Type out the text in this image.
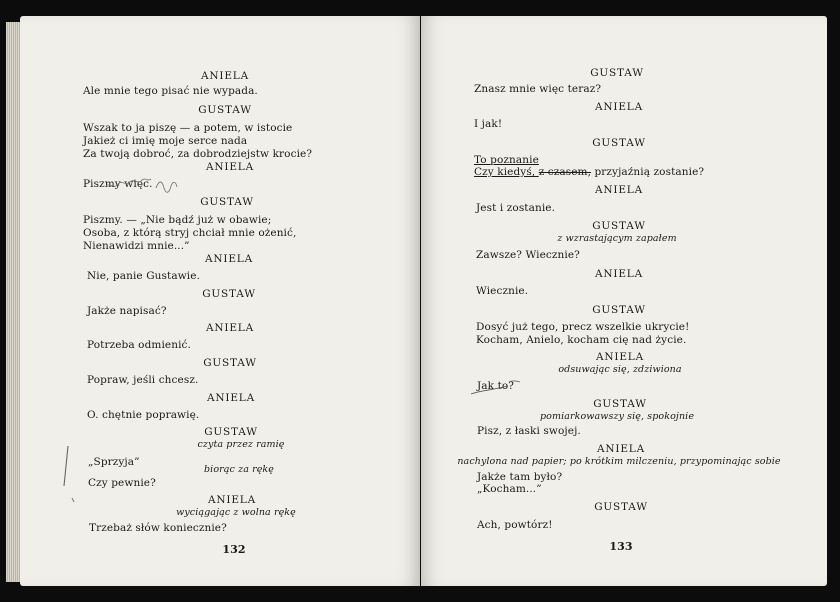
ANIELA
Ale mnie tego pisać nie wypada.
GUSTAW
Wszak to ja piszę — a potem, w istocie
Jakież ci imię moje serce nada
Za twoją dobroć, za dobrodziejstw krocie?
ANIELA
Piszmy więc.
GUSTAW
Piszmy. — „Nie bądź już w obawie;
Osoba, z którą stryj chciał mnie ożenić,
Nienawidzi mnie...”
ANIELA
Nie, panie Gustawie.
GUSTAW
Jakże napisać?
ANIELA
Potrzeba odmienić.
GUSTAW
Popraw, jeśli chcesz.
ANIELA
O. chętnie poprawię.
GUSTAW
czyta przez ramię
„Sprzyja”
biorąc za rękę
Czy pewnie?
ANIELA
wyciągając z wolna rękę
Trzebaż słów koniecznie?
132
GUSTAW
Znasz mnie więc teraz?
ANIELA
I jak!
GUSTAW
To poznanie
Czy kiedyś, z czasem, przyjaźnią zostanie?
ANIELA
Jest i zostanie.
GUSTAW
z wzrastającym zapałem
Zawsze? Wiecznie?
ANIELA
Wiecznie.
GUSTAW
Dosyć już tego, precz wszelkie ukrycie!
Kocham, Anielo, kocham cię nad życie.
ANIELA
odsuwając się, zdziwiona
Jak to?
GUSTAW
pomiarkowawszy się, spokojnie
Pisz, z łaski swojej.
ANIELA
nachylona nad papier; po krótkim milczeniu, przypominając sobie
Jakże tam było?
„Kocham...”
GUSTAW
Ach, powtórz!
133
